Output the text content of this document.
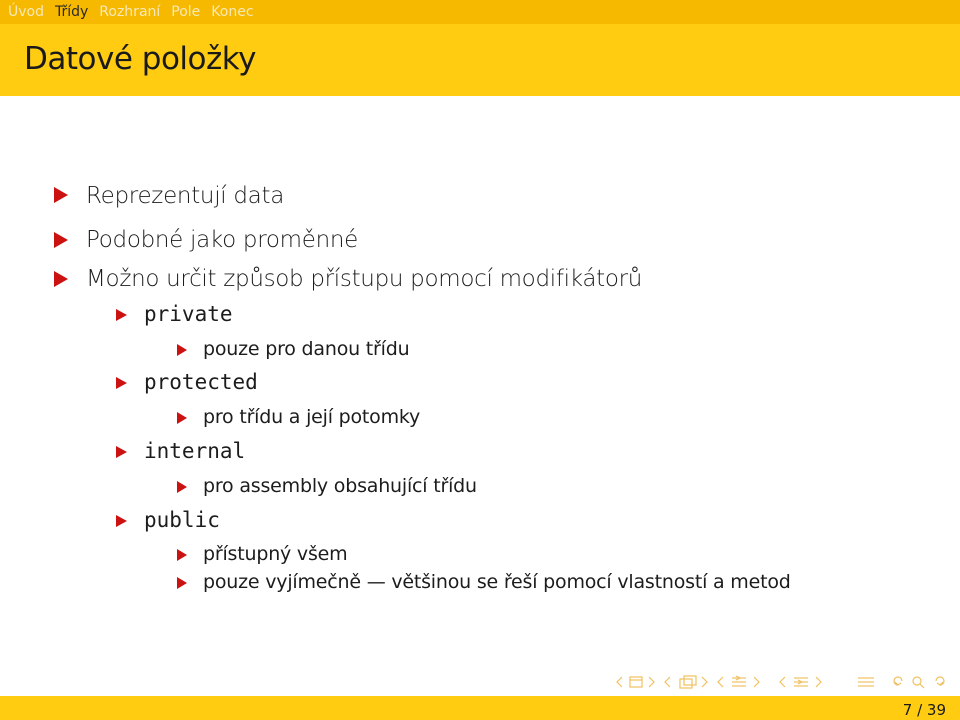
Úvod Třídy Rozhraní Pole Konec
Datové položky
Reprezentují data
Podobné jako proměnné
Možno určit způsob přístupu pomocí modifikátorů
private
pouze pro danou třídu
protected
pro třídu a její potomky
internal
pro assembly obsahující třídu
public
přístupný všem
pouze vyjímečně — většinou se řeší pomocí vlastností a metod
7 / 39
